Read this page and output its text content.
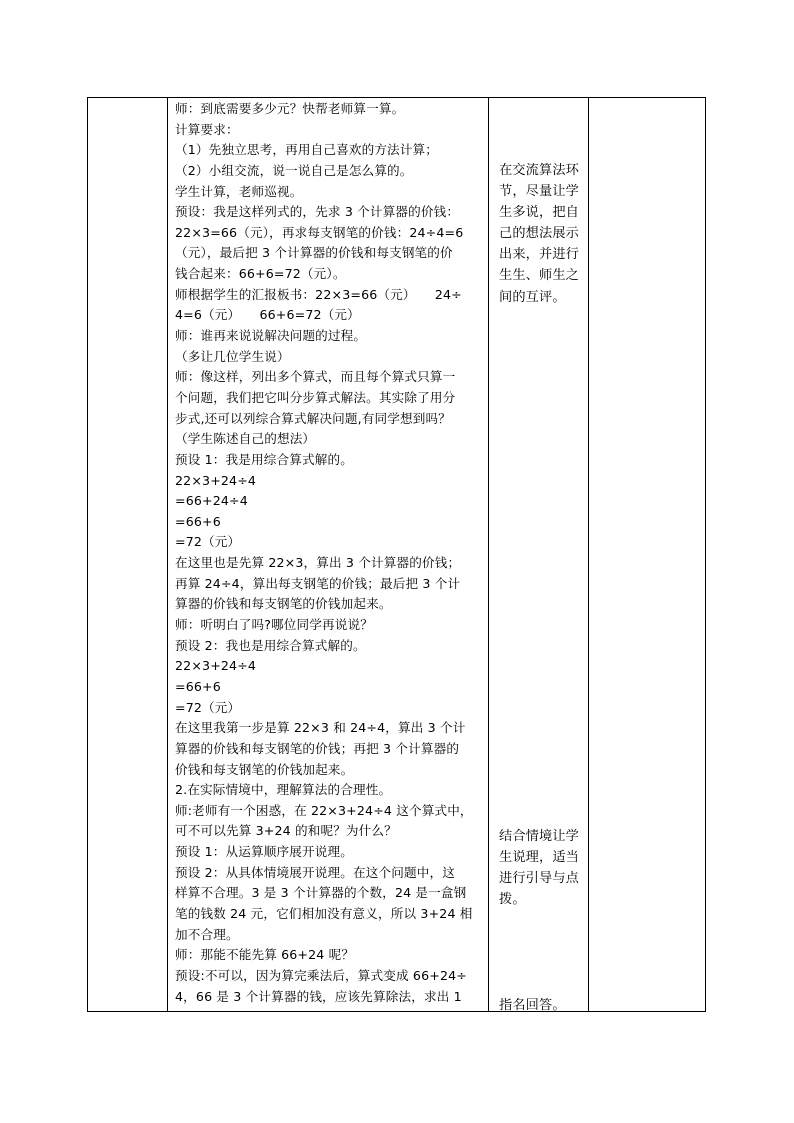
师：到底需要多少元？快帮老师算一算。
计算要求：
（1）先独立思考，再用自己喜欢的方法计算；
（2）小组交流，说一说自己是怎么算的。
学生计算，老师巡视。
预设：我是这样列式的，先求 3 个计算器的价钱：
22×3=66（元），再求每支钢笔的价钱：24÷4=6
（元），最后把 3 个计算器的价钱和每支钢笔的价
钱合起来：66+6=72（元）。
师根据学生的汇报板书：22×3=66（元）　　24÷
4=6（元）　　66+6=72（元）
师：谁再来说说解决问题的过程。
（多让几位学生说）
师：像这样，列出多个算式，而且每个算式只算一
个问题，我们把它叫分步算式解法。其实除了用分
步式,还可以列综合算式解决问题,有同学想到吗？
（学生陈述自己的想法）
预设 1：我是用综合算式解的。
22×3+24÷4
=66+24÷4
=66+6
=72（元）
在这里也是先算 22×3，算出 3 个计算器的价钱；
再算 24÷4，算出每支钢笔的价钱；最后把 3 个计
算器的价钱和每支钢笔的价钱加起来。
师：听明白了吗?哪位同学再说说？
预设 2：我也是用综合算式解的。
22×3+24÷4
=66+6
=72（元）
在这里我第一步是算 22×3 和 24÷4，算出 3 个计
算器的价钱和每支钢笔的价钱；再把 3 个计算器的
价钱和每支钢笔的价钱加起来。
2.在实际情境中，理解算法的合理性。
师:老师有一个困惑，在 22×3+24÷4 这个算式中，
可不可以先算 3+24 的和呢？为什么？
预设 1：从运算顺序展开说理。
预设 2：从具体情境展开说理。在这个问题中，这
样算不合理。3 是 3 个计算器的个数，24 是一盒钢
笔的钱数 24 元，它们相加没有意义，所以 3+24 相
加不合理。
师：那能不能先算 66+24 呢？
预设:不可以，因为算完乘法后，算式变成 66+24÷
4，66 是 3 个计算器的钱，应该先算除法，求出 1
在交流算法环
节，尽量让学
生多说，把自
己的想法展示
出来，并进行
生生、师生之
间的互评。
结合情境让学
生说理，适当
进行引导与点
拨。
指名回答。
